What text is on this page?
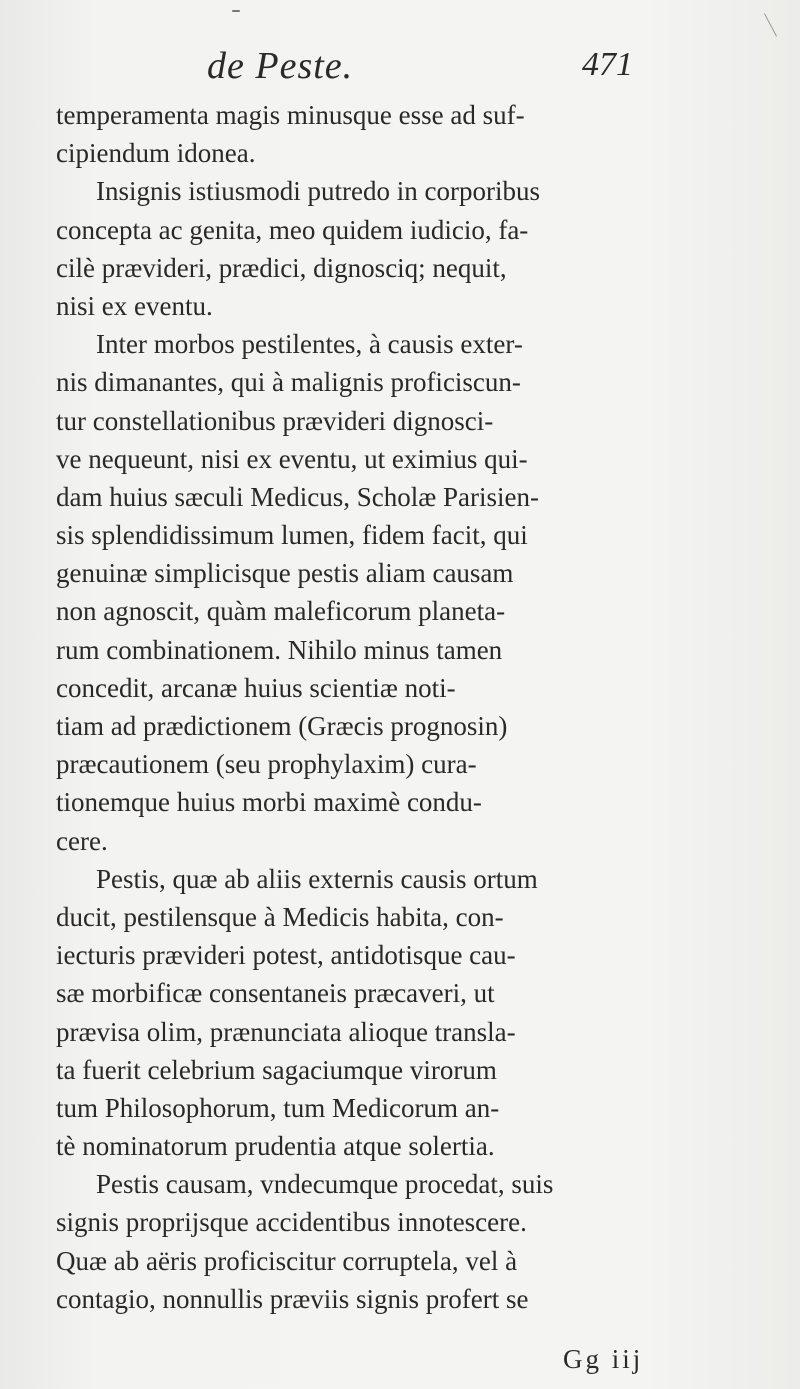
de Peste.	471
temperamenta magis minusque esse ad suf-
cipiendum idonea.
Insignis istiusmodi putredo in corporibus
concepta ac genita, meo quidem iudicio, fa-
cilè prævideri, prædici, dignosciq; nequit,
nisi ex eventu.
Inter morbos pestilentes, à causis exter-
nis dimanantes, qui à malignis proficiscun-
tur constellationibus prævideri dignosci-
ve nequeunt, nisi ex eventu, ut eximius qui-
dam huius sæculi Medicus, Scholæ Parisien-
sis splendidissimum lumen, fidem facit, qui
genuinæ simplicisque pestis aliam causam
non agnoscit, quàm maleficorum planeta-
rum combinationem. Nihilo minus tamen
concedit, arcanæ huius scientiæ noti-
tiam ad prædictionem (Græcis prognosin)
præcautionem (seu prophylaxim) cura-
tionemque huius morbi maximè condu-
cere.
Pestis, quæ ab aliis externis causis ortum
ducit, pestilensque à Medicis habita, con-
iecturis prævideri potest, antidotisque cau-
sæ morbificæ consentaneis præcaveri, ut
prævisa olim, prænunciata alioque transla-
ta fuerit celebrium sagaciumque virorum
tum Philosophorum, tum Medicorum an-
tè nominatorum prudentia atque solertia.
Pestis causam, vndecumque procedat, suis
signis proprijsque accidentibus innotescere.
Quæ ab aëris proficiscitur corruptela, vel à
contagio, nonnullis præviis signis profert se
Gg iij
